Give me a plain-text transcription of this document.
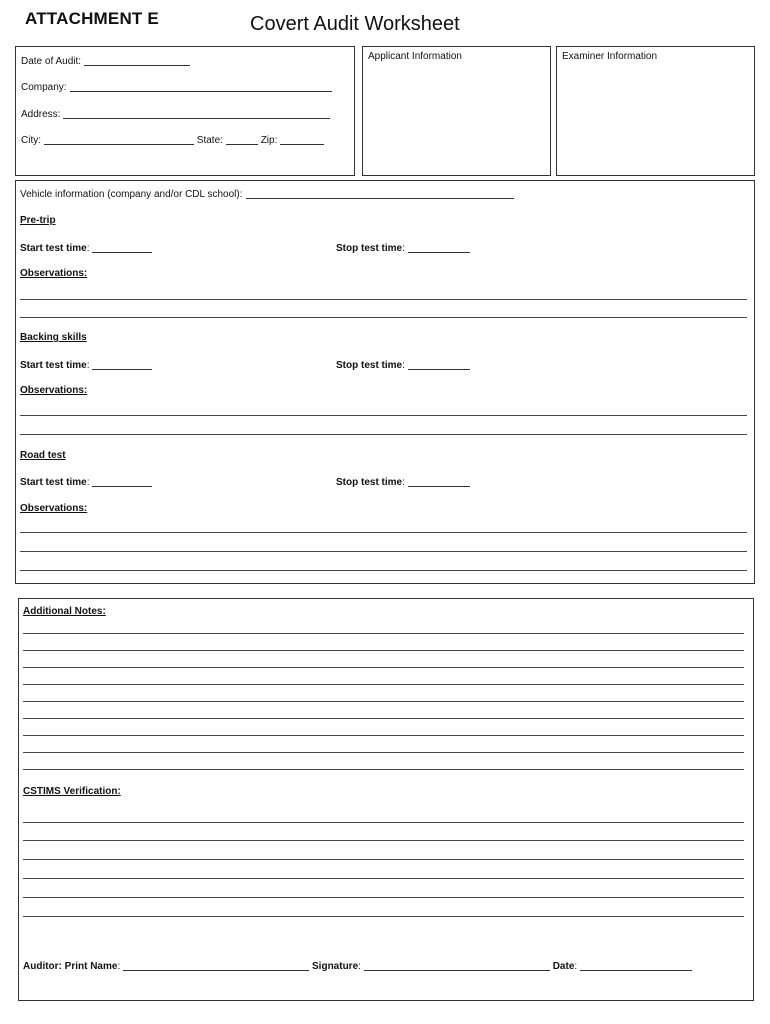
ATTACHMENT E	Covert Audit Worksheet
Date of Audit:
Company:
Address:
City:	State:	Zip:
Applicant Information	Examiner Information
Vehicle information (company and/or CDL school):
Pre-trip
Start test time:	Stop test time:
Observations:
Backing skills
Start test time:	Stop test time:
Observations:
Road test
Start test time:	Stop test time:
Observations:
Additional Notes:
CSTIMS Verification:
Auditor: Print Name:	Signature:	Date:
